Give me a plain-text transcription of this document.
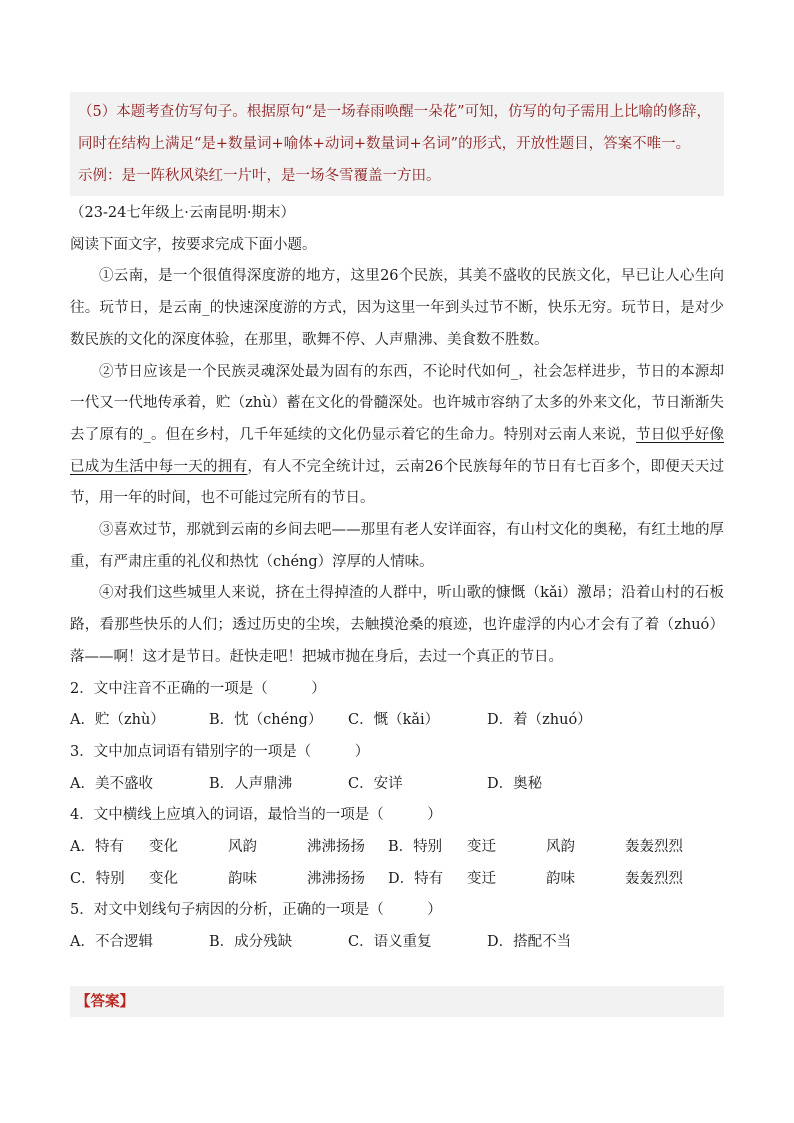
（5）本题考查仿写句子。根据原句“是一场春雨唤醒一朵花”可知，仿写的句子需用上比喻的修辞，

同时在结构上满足“是+数量词+喻体+动词+数量词+名词”的形式，开放性题目，答案不唯一。

示例：是一阵秋风染红一片叶，是一场冬雪覆盖一方田。

（23-24七年级上·云南昆明·期末）

阅读下面文字，按要求完成下面小题。

①云南，是一个很值得深度游的地方，这里26个民族，其美不盛收的民族文化，早已让人心生向往。玩节日，是云南_的快速深度游的方式，因为这里一年到头过节不断，快乐无穷。玩节日，是对少数民族的文化的深度体验，在那里，歌舞不停、人声鼎沸、美食数不胜数。

②节日应该是一个民族灵魂深处最为固有的东西，不论时代如何_，社会怎样进步，节日的本源却一代又一代地传承着，贮（zhù）蓄在文化的骨髓深处。也许城市容纳了太多的外来文化，节日渐渐失去了原有的_。但在乡村，几千年延续的文化仍显示着它的生命力。特别对云南人来说，节日似乎好像已成为生活中每一天的拥有，有人不完全统计过，云南26个民族每年的节日有七百多个，即便天天过节，用一年的时间，也不可能过完所有的节日。

③喜欢过节，那就到云南的乡间去吧——那里有老人安详面容，有山村文化的奥秘，有红土地的厚重，有严肃庄重的礼仪和热忱（chéng）淳厚的人情味。

④对我们这些城里人来说，挤在土得掉渣的人群中，听山歌的慷慨（kǎi）激昂；沿着山村的石板路，看那些快乐的人们；透过历史的尘埃，去触摸沧桑的痕迹，也许虚浮的内心才会有了着（zhuó）落——啊！这才是节日。赶快走吧！把城市抛在身后，去过一个真正的节日。

2．文中注音不正确的一项是（　　　）

A．贮（zhù）	B．忱（chéng）	C．慨（kǎi）	D．着（zhuó）

3．文中加点词语有错别字的一项是（　　　）

A．美不盛收	B．人声鼎沸	C．安详	D．奥秘

4．文中横线上应填入的词语，最恰当的一项是（　　　）

A．特有	变化	风韵	沸沸扬扬	B．特别	变迁	风韵	轰轰烈烈
C．特别	变化	韵味	沸沸扬扬	D．特有	变迁	韵味	轰轰烈烈

5．对文中划线句子病因的分析，正确的一项是（　　　）

A．不合逻辑	B．成分残缺	C．语义重复	D．搭配不当
【答案】
